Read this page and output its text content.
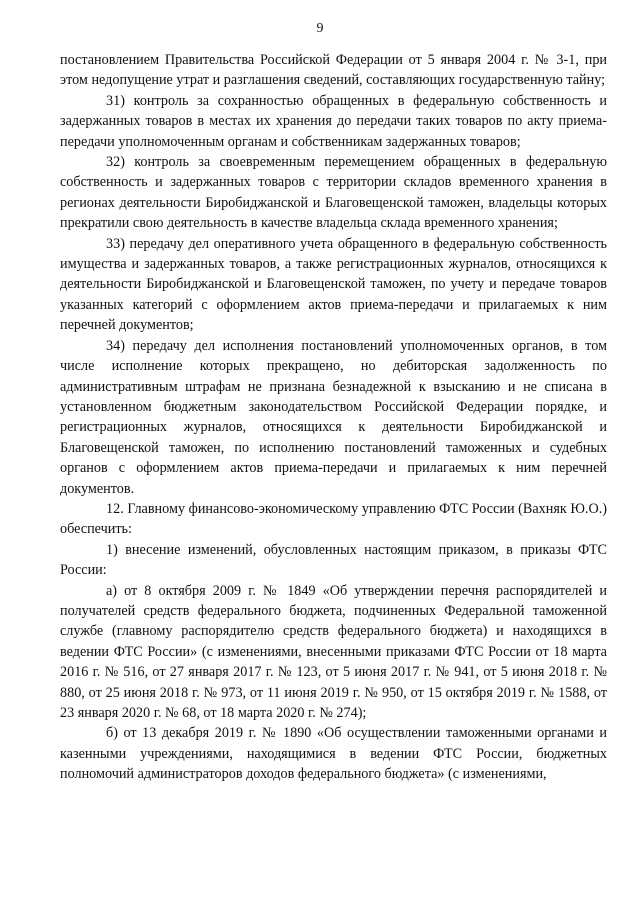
9

постановлением Правительства Российской Федерации от 5 января 2004 г. № 3-1, при этом недопущение утрат и разглашения сведений, составляющих государственную тайну;

31) контроль за сохранностью обращенных в федеральную собственность и задержанных товаров в местах их хранения до передачи таких товаров по акту приема-передачи уполномоченным органам и собственникам задержанных товаров;

32) контроль за своевременным перемещением обращенных в федеральную собственность и задержанных товаров с территории складов временного хранения в регионах деятельности Биробиджанской и Благовещенской таможен, владельцы которых прекратили свою деятельность в качестве владельца склада временного хранения;

33) передачу дел оперативного учета обращенного в федеральную собственность имущества и задержанных товаров, а также регистрационных журналов, относящихся к деятельности Биробиджанской и Благовещенской таможен, по учету и передаче товаров указанных категорий с оформлением актов приема-передачи и прилагаемых к ним перечней документов;

34) передачу дел исполнения постановлений уполномоченных органов, в том числе исполнение которых прекращено, но дебиторская задолженность по административным штрафам не признана безнадежной к взысканию и не списана в установленном бюджетным законодательством Российской Федерации порядке, и регистрационных журналов, относящихся к деятельности Биробиджанской и Благовещенской таможен, по исполнению постановлений таможенных и судебных органов с оформлением актов приема-передачи и прилагаемых к ним перечней документов.

12. Главному финансово-экономическому управлению ФТС России (Вахняк Ю.О.) обеспечить:

1) внесение изменений, обусловленных настоящим приказом, в приказы ФТС России:

а) от 8 октября 2009 г. № 1849 «Об утверждении перечня распорядителей и получателей средств федерального бюджета, подчиненных Федеральной таможенной службе (главному распорядителю средств федерального бюджета) и находящихся в ведении ФТС России» (с изменениями, внесенными приказами ФТС России от 18 марта 2016 г. № 516, от 27 января 2017 г. № 123, от 5 июня 2017 г. № 941, от 5 июня 2018 г. № 880, от 25 июня 2018 г. № 973, от 11 июня 2019 г. № 950, от 15 октября 2019 г. № 1588, от 23 января 2020 г. № 68, от 18 марта 2020 г. № 274);

б) от 13 декабря 2019 г. № 1890 «Об осуществлении таможенными органами и казенными учреждениями, находящимися в ведении ФТС России, бюджетных полномочий администраторов доходов федерального бюджета» (с изменениями,
